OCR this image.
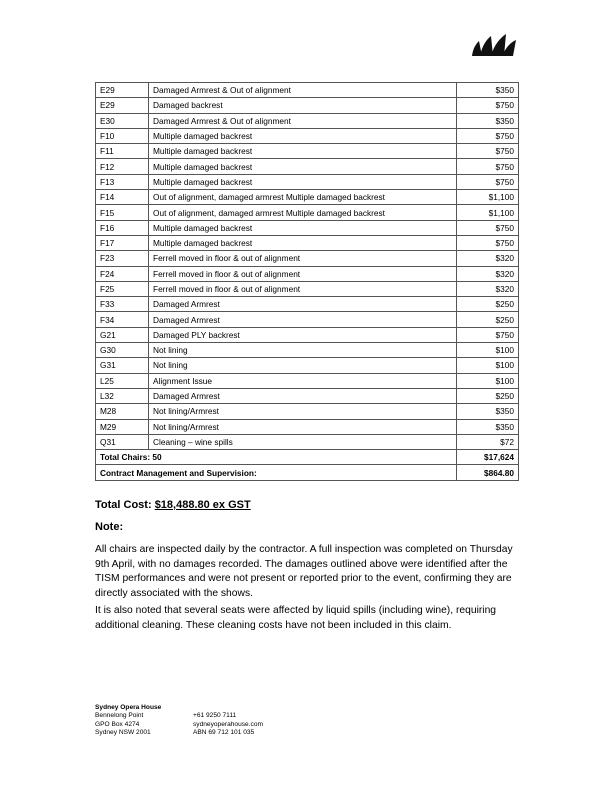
E29	Damaged Armrest & Out of alignment	$350
E29	Damaged backrest	$750
E30	Damaged Armrest & Out of alignment	$350
F10	Multiple damaged backrest	$750
F11	Multiple damaged backrest	$750
F12	Multiple damaged backrest	$750
F13	Multiple damaged backrest	$750
F14	Out of alignment, damaged armrest Multiple damaged backrest	$1,100
F15	Out of alignment, damaged armrest Multiple damaged backrest	$1,100
F16	Multiple damaged backrest	$750
F17	Multiple damaged backrest	$750
F23	Ferrell moved in floor & out of alignment	$320
F24	Ferrell moved in floor & out of alignment	$320
F25	Ferrell moved in floor & out of alignment	$320
F33	Damaged Armrest	$250
F34	Damaged Armrest	$250
G21	Damaged PLY backrest	$750
G30	Not lining	$100
G31	Not lining	$100
L25	Alignment Issue	$100
L32	Damaged Armrest	$250
M28	Not lining/Armrest	$350
M29	Not lining/Armrest	$350
Q31	Cleaning – wine spills	$72
Total Chairs: 50		$17,624
Contract Management and Supervision:		$864.80
Total Cost: $18,488.80 ex GST
Note:

All chairs are inspected daily by the contractor. A full inspection was completed on Thursday 9th April, with no damages recorded. The damages outlined above were identified after the TISM performances and were not present or reported prior to the event, confirming they are directly associated with the shows.

It is also noted that several seats were affected by liquid spills (including wine), requiring additional cleaning. These cleaning costs have not been included in this claim.

Sydney Opera House
Bennelong Point
GPO Box 4274
Sydney NSW 2001
+61 9250 7111
sydneyoperahouse.com
ABN 69 712 101 035
